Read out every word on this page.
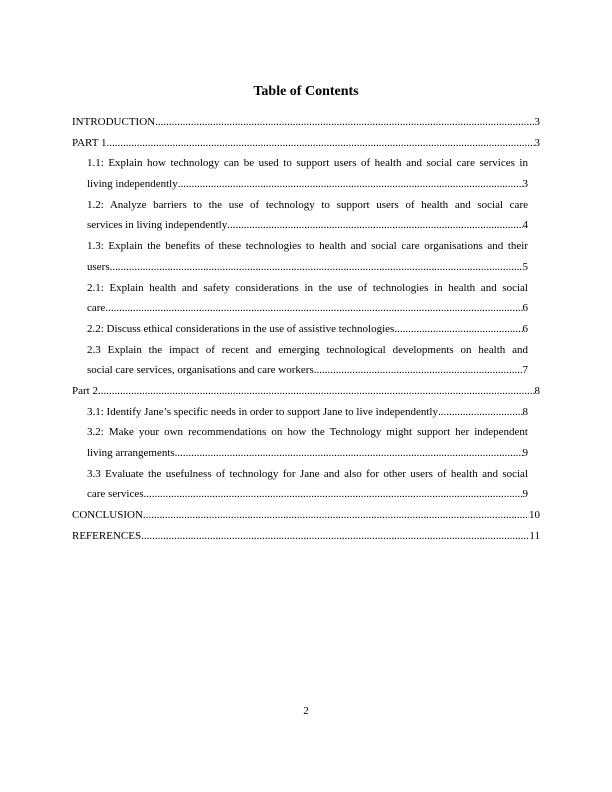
Table of Contents
INTRODUCTION .....	3
PART 1 .....	3
1.1: Explain how technology can be used to support users of health and social care services in
living independently .....	3
1.2: Analyze barriers to the use of technology to support users of health and social care
services in living independently .....	4
1.3: Explain the benefits of these technologies to health and social care organisations and their
users .....	5
2.1: Explain health and safety considerations in the use of technologies in health and social
care .....	6
2.2: Discuss ethical considerations in the use of assistive technologies .....	6
2.3 Explain the impact of recent and emerging technological developments on health and
social care services, organisations and care workers .....	7
Part 2 .....	8
3.1: Identify Jane’s specific needs in order to support Jane to live independently .....	8
3.2: Make your own recommendations on how the Technology might support her independent
living arrangements .....	9
3.3 Evaluate the usefulness of technology for Jane and also for other users of health and social
care services .....	9
CONCLUSION .....	10
REFERENCES .....	11
2
